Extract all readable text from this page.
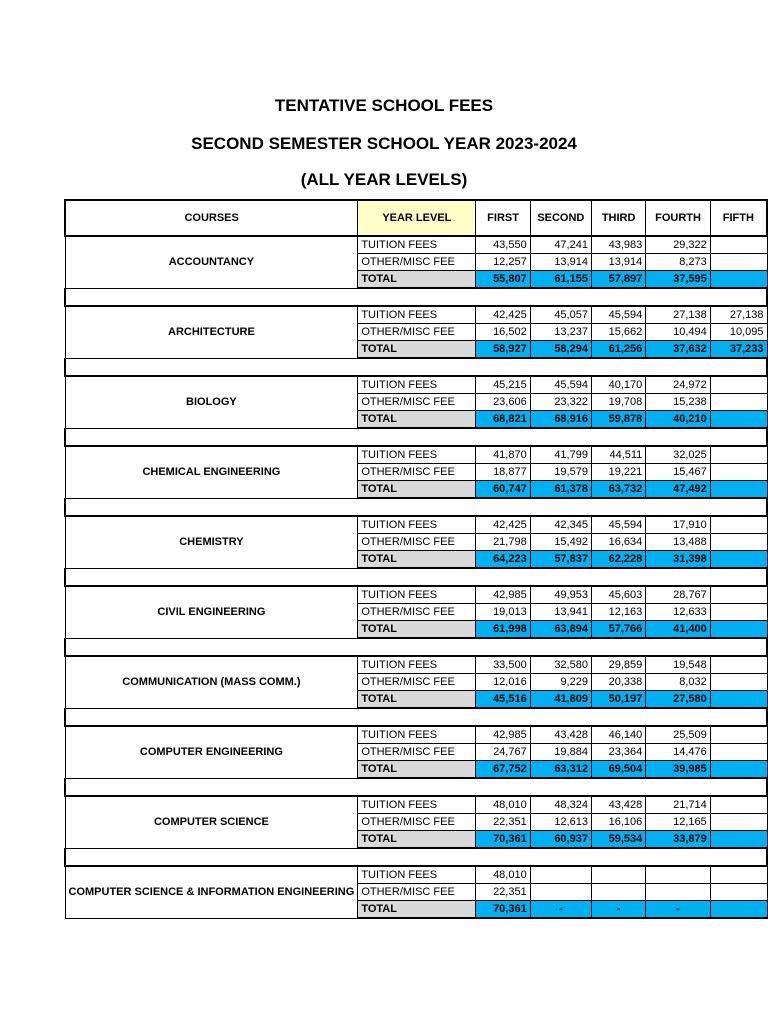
TENTATIVE SCHOOL FEES
SECOND SEMESTER SCHOOL YEAR 2023-2024
(ALL YEAR LEVELS)
COURSES	YEAR LEVEL	FIRST	SECOND	THIRD	FOURTH	FIFTH
ACCOUNTANCY	TUITION FEES	43,550	47,241	43,983	29,322	
	OTHER/MISC FEE	12,257	13,914	13,914	8,273	
	TOTAL	55,807	61,155	57,897	37,595	

ARCHITECTURE	TUITION FEES	42,425	45,057	45,594	27,138	27,138
	OTHER/MISC FEE	16,502	13,237	15,662	10,494	10,095
	TOTAL	58,927	58,294	61,256	37,632	37,233

BIOLOGY	TUITION FEES	45,215	45,594	40,170	24,972	
	OTHER/MISC FEE	23,606	23,322	19,708	15,238	
	TOTAL	68,821	68,916	59,878	40,210	

CHEMICAL ENGINEERING	TUITION FEES	41,870	41,799	44,511	32,025	
	OTHER/MISC FEE	18,877	19,579	19,221	15,467	
	TOTAL	60,747	61,378	63,732	47,492	

CHEMISTRY	TUITION FEES	42,425	42,345	45,594	17,910	
	OTHER/MISC FEE	21,798	15,492	16,634	13,488	
	TOTAL	64,223	57,837	62,228	31,398	

CIVIL ENGINEERING	TUITION FEES	42,985	49,953	45,603	28,767	
	OTHER/MISC FEE	19,013	13,941	12,163	12,633	
	TOTAL	61,998	63,894	57,766	41,400	

COMMUNICATION (MASS COMM.)	TUITION FEES	33,500	32,580	29,859	19,548	
	OTHER/MISC FEE	12,016	9,229	20,338	8,032	
	TOTAL	45,516	41,809	50,197	27,580	

COMPUTER ENGINEERING	TUITION FEES	42,985	43,428	46,140	25,509	
	OTHER/MISC FEE	24,767	19,884	23,364	14,476	
	TOTAL	67,752	63,312	69,504	39,985	

COMPUTER SCIENCE	TUITION FEES	48,010	48,324	43,428	21,714	
	OTHER/MISC FEE	22,351	12,613	16,106	12,165	
	TOTAL	70,361	60,937	59,534	33,879	

COMPUTER SCIENCE & INFORMATION ENGINEERING	TUITION FEES	48,010				
	OTHER/MISC FEE	22,351				
	TOTAL	70,361	-	-	-	
